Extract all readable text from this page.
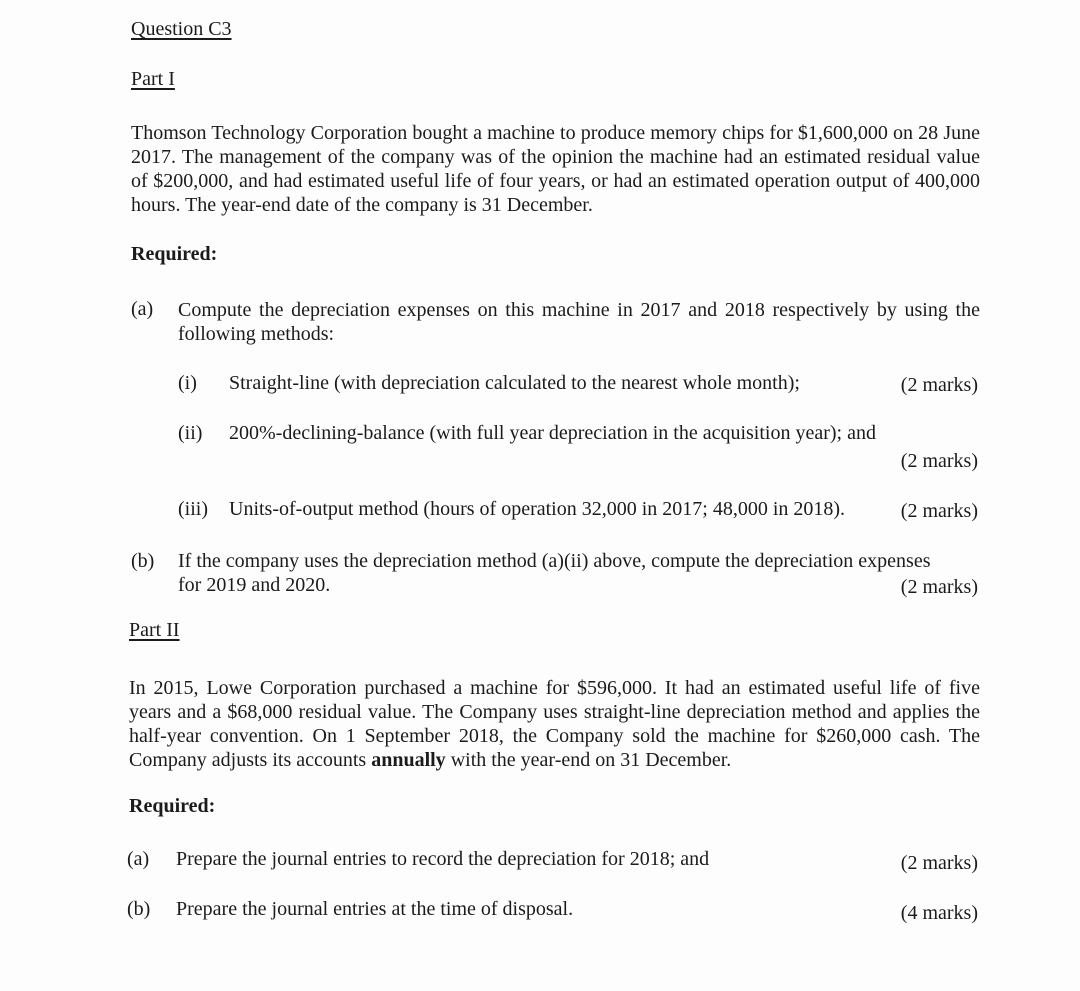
Question C3
Part I

Thomson Technology Corporation bought a machine to produce memory chips for $1,600,000 on 28 June 2017. The management of the company was of the opinion the machine had an estimated residual value of $200,000, and had estimated useful life of four years, or had an estimated operation output of 400,000 hours. The year-end date of the company is 31 December.

Required:
(a) Compute the depreciation expenses on this machine in 2017 and 2018 respectively by using the following methods:

(i) Straight-line (with depreciation calculated to the nearest whole month);	(2 marks)
(ii) 200%-declining-balance (with full year depreciation in the acquisition year); and
(2 marks)
(iii) Units-of-output method (hours of operation 32,000 in 2017; 48,000 in 2018).	(2 marks)
(b) If the company uses the depreciation method (a)(ii) above, compute the depreciation expenses
for 2019 and 2020.	(2 marks)
Part II

In 2015, Lowe Corporation purchased a machine for $596,000. It had an estimated useful life of five years and a $68,000 residual value. The Company uses straight-line depreciation method and applies the half-year convention. On 1 September 2018, the Company sold the machine for $260,000 cash. The Company adjusts its accounts annually with the year-end on 31 December.

Required:
(a) Prepare the journal entries to record the depreciation for 2018; and	(2 marks)
(b) Prepare the journal entries at the time of disposal.	(4 marks)
